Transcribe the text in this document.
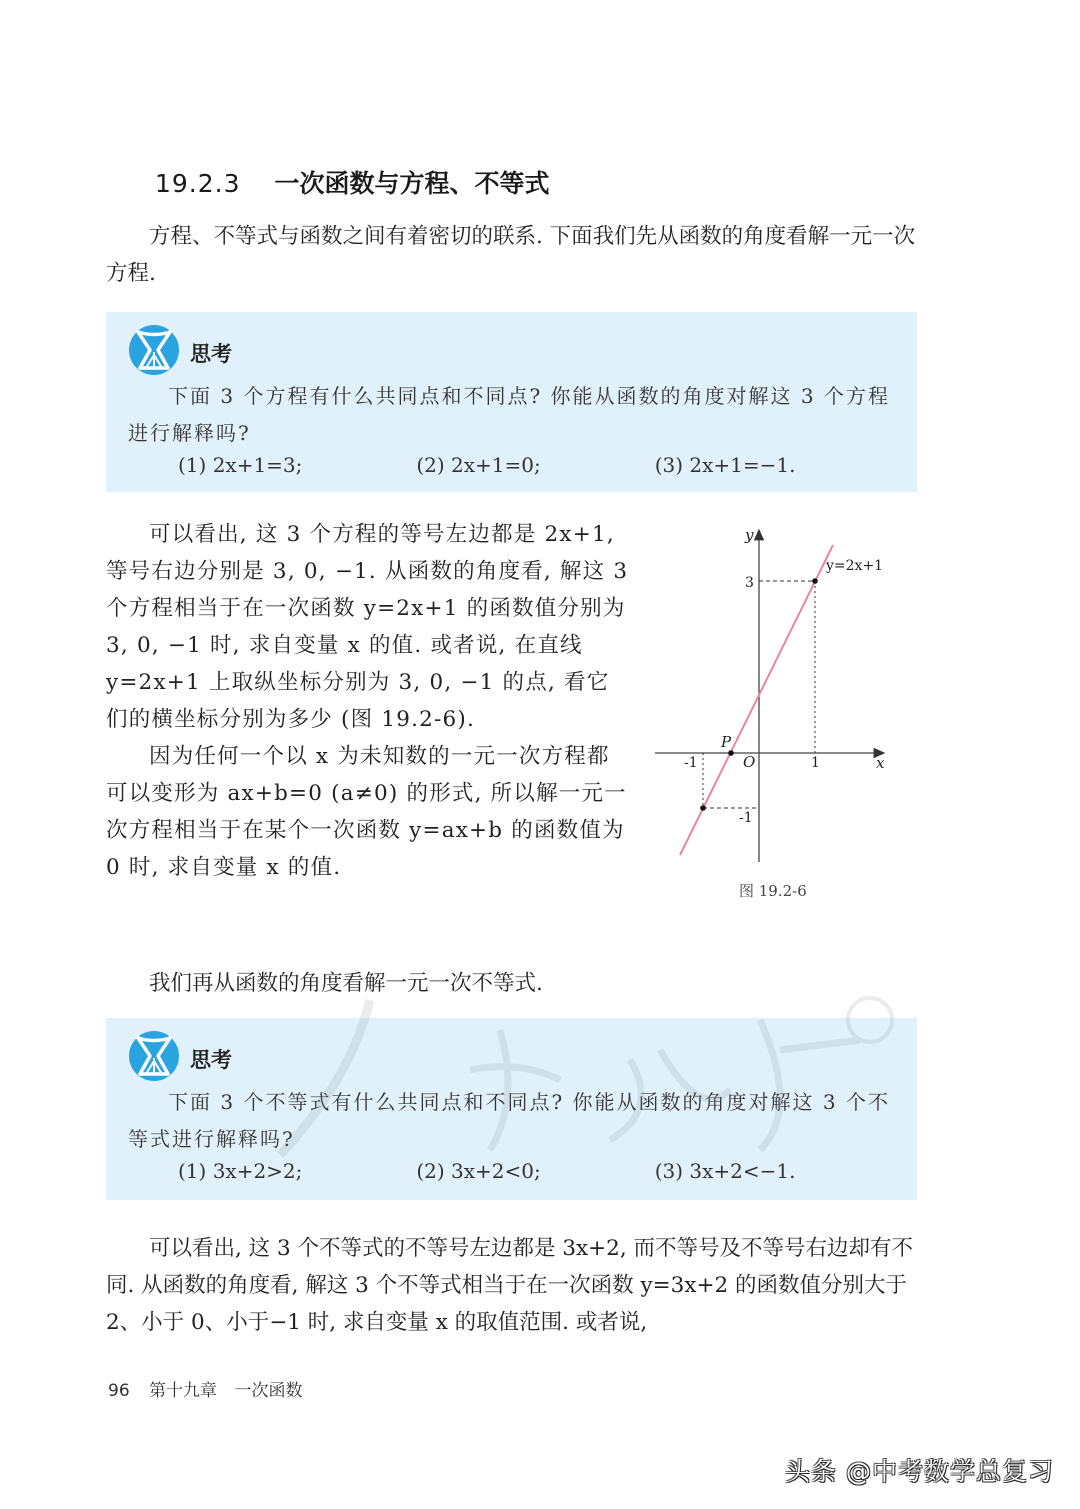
19.2.3 一次函数与方程、不等式

方程、不等式与函数之间有着密切的联系. 下面我们先从函数的角度看解一元一次方程.

思考

下面 3 个方程有什么共同点和不同点? 你能从函数的角度对解这 3 个方程进行解释吗?

(1) 2x+1=3;	(2) 2x+1=0;	(3) 2x+1=−1.

可以看出, 这 3 个方程的等号左边都是 2x+1, 等号右边分别是 3, 0, −1. 从函数的角度看, 解这 3 个方程相当于在一次函数 y=2x+1 的函数值分别为 3, 0, −1 时, 求自变量 x 的值. 或者说, 在直线 y=2x+1 上取纵坐标分别为 3, 0, −1 的点, 看它们的横坐标分别为多少 (图 19.2-6).

因为任何一个以 x 为未知数的一元一次方程都可以变形为 ax+b=0 (a≠0) 的形式, 所以解一元一次方程相当于在某个一次函数 y=ax+b 的函数值为 0 时, 求自变量 x 的值.

y
x
O
P
3
-1
1
-1
y=2x+1
图 19.2-6

我们再从函数的角度看解一元一次不等式.

思考

下面 3 个不等式有什么共同点和不同点? 你能从函数的角度对解这 3 个不等式进行解释吗?

(1) 3x+2>2;	(2) 3x+2<0;	(3) 3x+2<−1.

可以看出, 这 3 个不等式的不等号左边都是 3x+2, 而不等号及不等号右边却有不同. 从函数的角度看, 解这 3 个不等式相当于在一次函数 y=3x+2 的函数值分别大于 2、小于 0、小于−1 时, 求自变量 x 的取值范围. 或者说,

96 第十九章 一次函数
头条 @中考数学总复习
